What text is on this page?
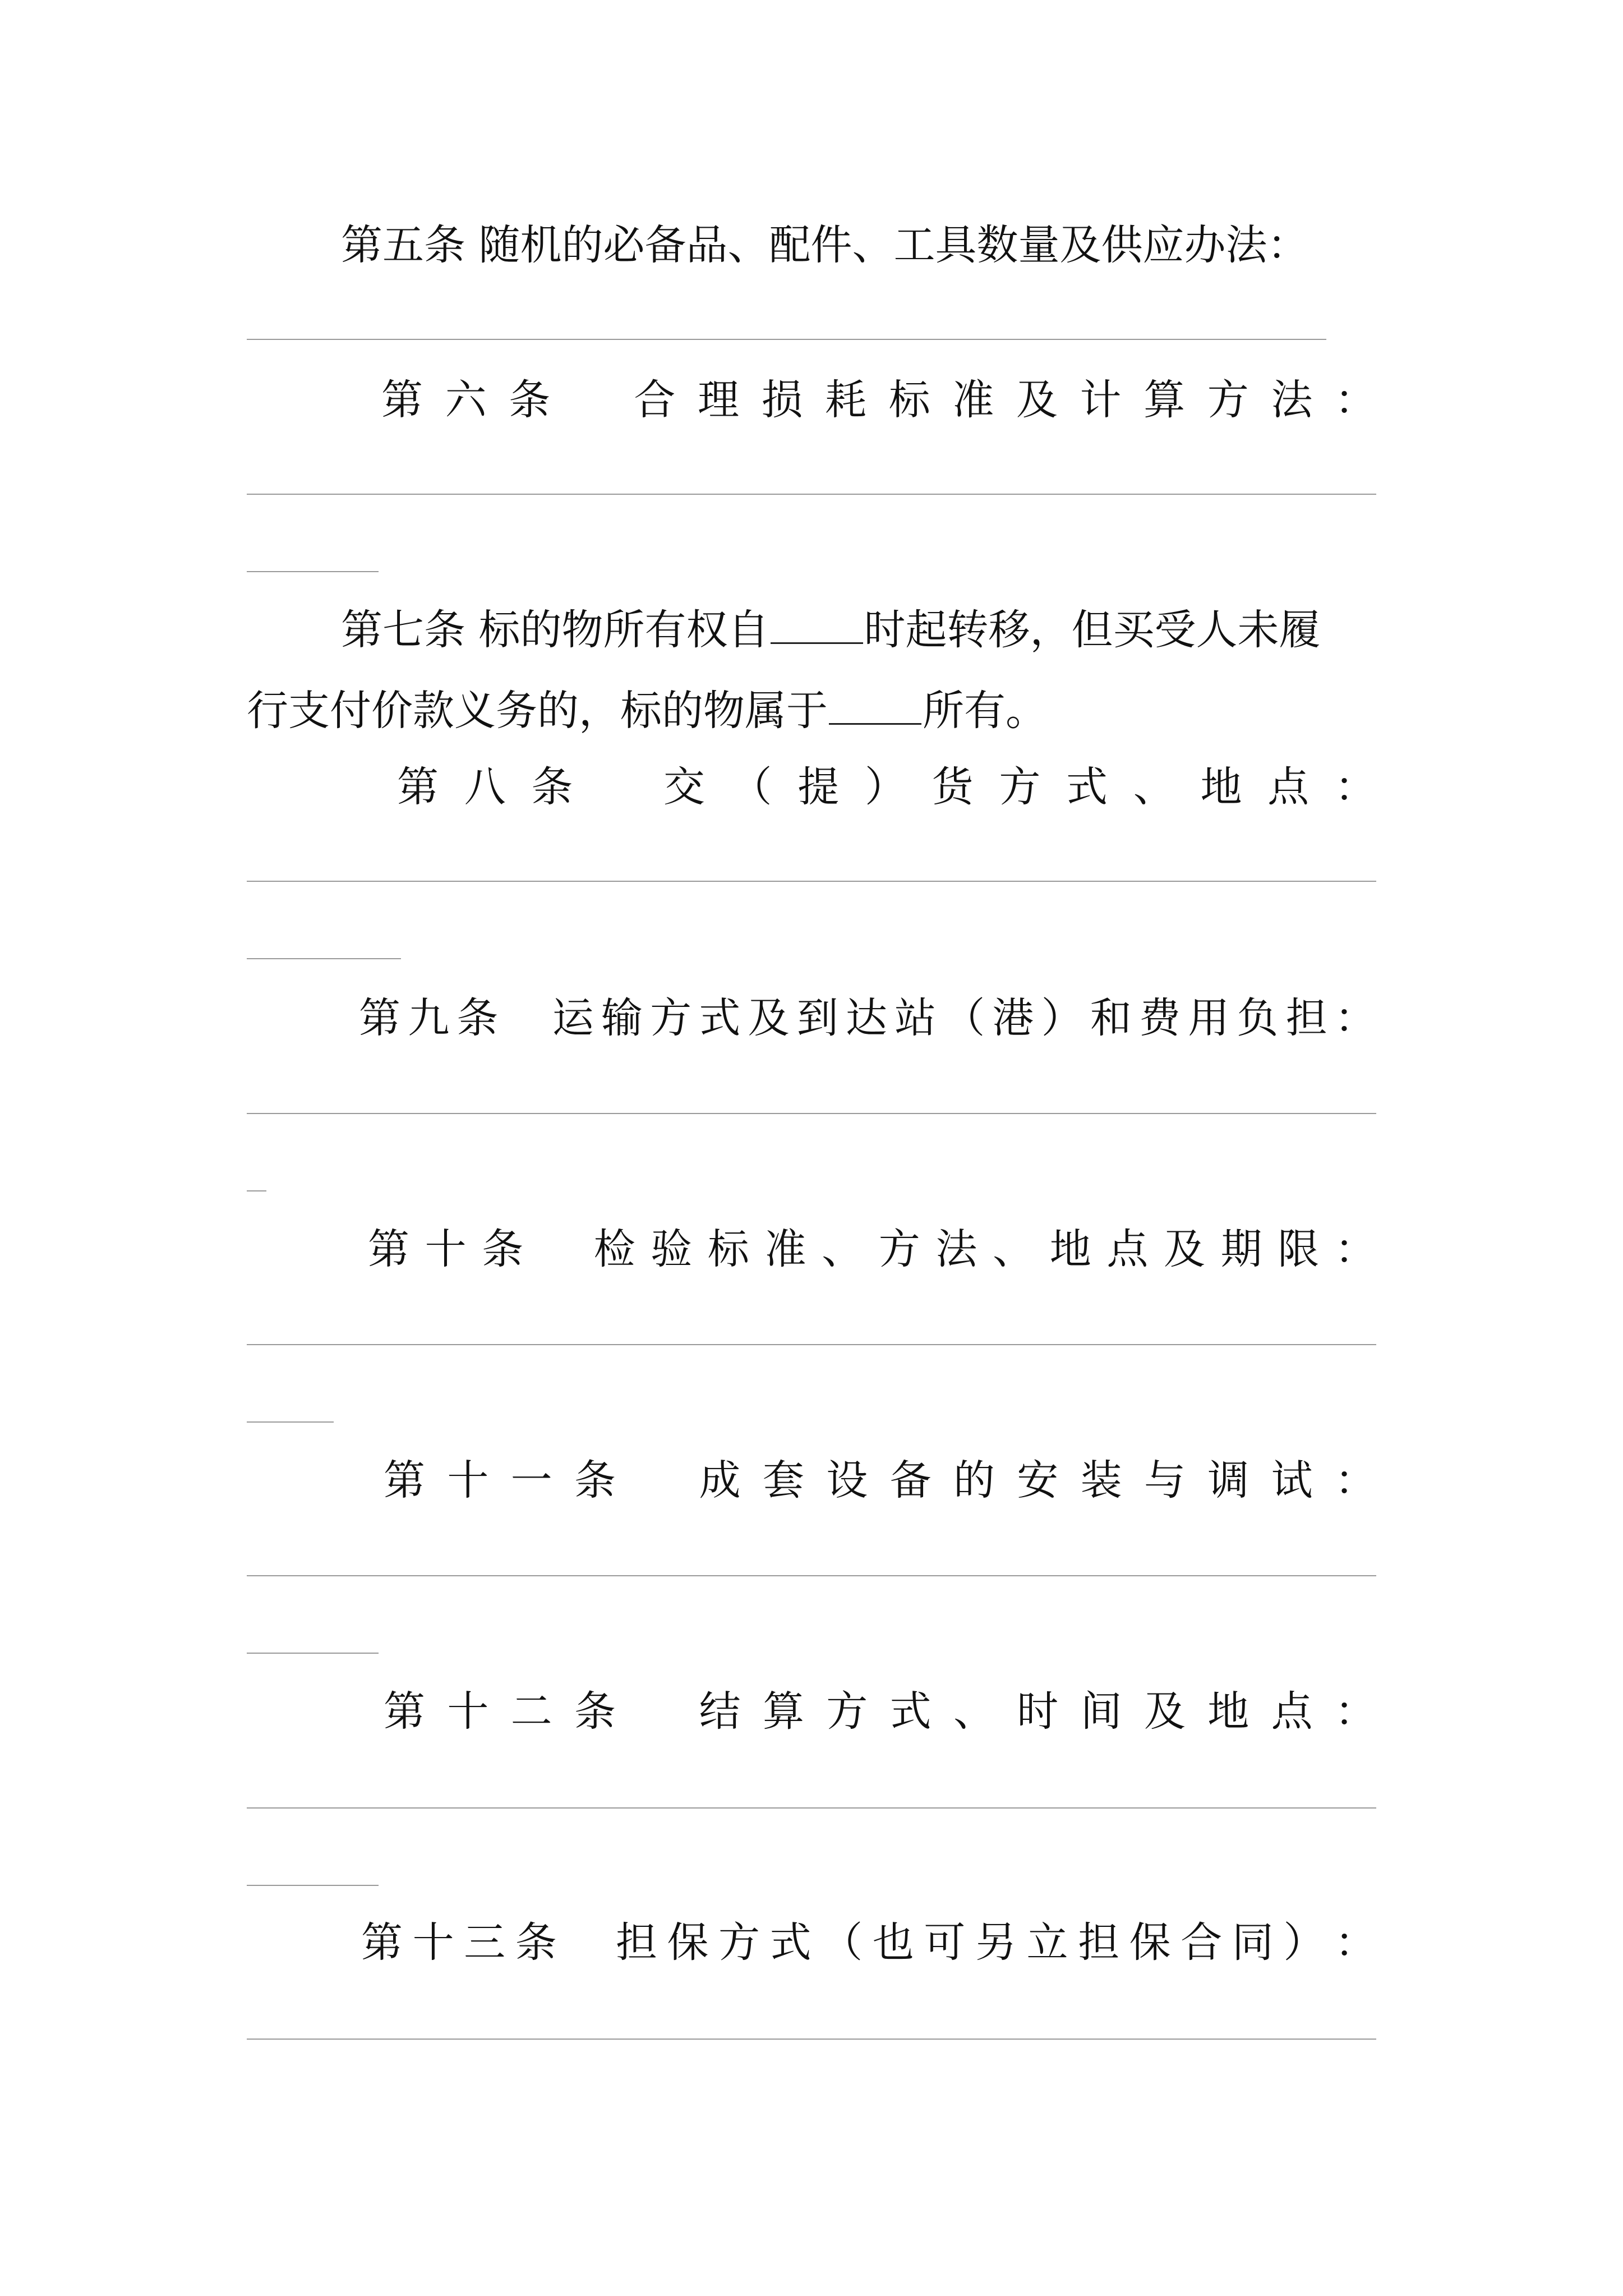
第五条 随机的必备品、配件、工具数量及供应办法：
第 六 条 合 理 损 耗 标 准 及 计 算 方 法 ：
第七条 标的物所有权自 时起转移，但买受人未履
行支付价款义务的，标的物属于 所有。
第 八 条 交 （ 提 ） 货 方 式 、 地 点 ：
第 九 条 运 输 方 式 及 到 达 站 （ 港 ） 和 费 用 负 担 ：
第 十 条 检 验 标 准 、 方 法 、 地 点 及 期 限 ：
第 十 一 条 成 套 设 备 的 安 装 与 调 试 ：
第 十 二 条 结 算 方 式 、 时 间 及 地 点 ：
第 十 三 条 担 保 方 式 （ 也 可 另 立 担 保 合 同 ） ：
